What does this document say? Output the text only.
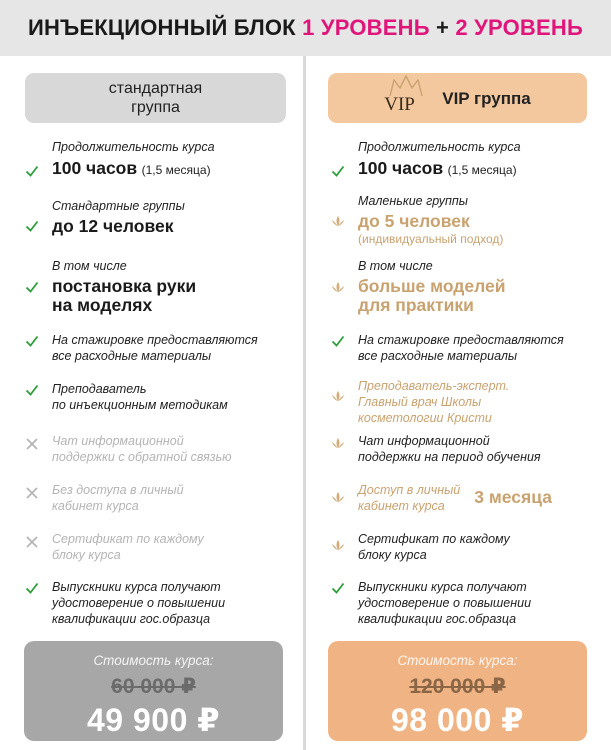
ИНЪЕКЦИОННЫЙ БЛОК
1 УРОВЕНЬ
+
2 УРОВЕНЬ
стандартная
группа
Продолжительность курса
100 часов (1,5 месяца)
Стандартные группы
до 12 человек
В том числе
постановка руки
на моделях
На стажировке предоставляются
все расходные материалы
Преподаватель
по инъекционным методикам
Чат информационной
поддержки с обратной связью
Без доступа в личный
кабинет курса
Сертификат по каждому
блоку курса
Выпускники курса получают
удостоверение о повышении
квалификации гос.образца
Стоимость курса:
60 000 ₽
49 900 ₽
VIP VIP группа
Продолжительность курса
100 часов (1,5 месяца)
Маленькие группы
до 5 человек
(индивидуальный подход)
В том числе
больше моделей
для практики
На стажировке предоставляются
все расходные материалы
Преподаватель-эксперт.
Главный врач Школы
косметологии Кристи
Чат информационной
поддержки на период обучения
Доступ в личный
кабинет курса	3 месяца
Сертификат по каждому
блоку курса
Выпускники курса получают
удостоверение о повышении
квалификации гос.образца
Стоимость курса:
120 000 ₽
98 000 ₽
